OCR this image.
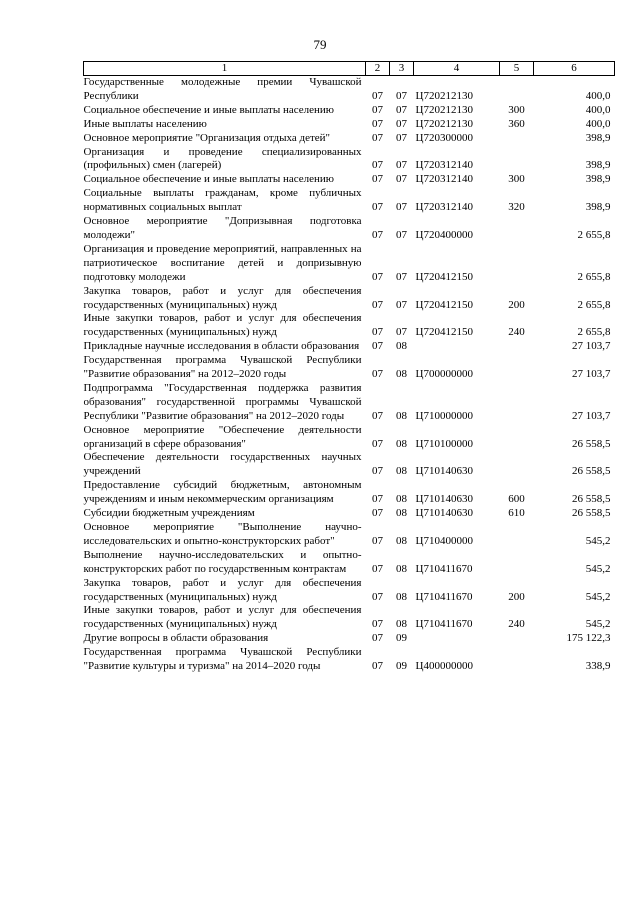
79
1	2	3	4	5	6
Государственные молодежные премии Чувашской Республики	07	07	Ц720212130		400,0
Социальное обеспечение и иные выплаты населению	07	07	Ц720212130	300	400,0
Иные выплаты населению	07	07	Ц720212130	360	400,0
Основное мероприятие "Организация отдыха детей"	07	07	Ц720300000		398,9
Организация и проведение специализированных (профильных) смен (лагерей)	07	07	Ц720312140		398,9
Социальное обеспечение и иные выплаты населению	07	07	Ц720312140	300	398,9
Социальные выплаты гражданам, кроме публичных нормативных социальных выплат	07	07	Ц720312140	320	398,9
Основное мероприятие "Допризывная подготовка молодежи"	07	07	Ц720400000		2 655,8
Организация и проведение мероприятий, направленных на патриотическое воспитание детей и допризывную подготовку молодежи	07	07	Ц720412150		2 655,8
Закупка товаров, работ и услуг для обеспечения государственных (муниципальных) нужд	07	07	Ц720412150	200	2 655,8
Иные закупки товаров, работ и услуг для обеспечения государственных (муниципальных) нужд	07	07	Ц720412150	240	2 655,8
Прикладные научные исследования в области образования	07	08			27 103,7
Государственная программа Чувашской Республики "Развитие образования" на 2012–2020 годы	07	08	Ц700000000		27 103,7
Подпрограмма "Государственная поддержка развития образования" государственной программы Чувашской Республики "Развитие образования" на 2012–2020 годы	07	08	Ц710000000		27 103,7
Основное мероприятие "Обеспечение деятельности организаций в сфере образования"	07	08	Ц710100000		26 558,5
Обеспечение деятельности государственных научных учреждений	07	08	Ц710140630		26 558,5
Предоставление субсидий бюджетным, автономным учреждениям и иным некоммерческим организациям	07	08	Ц710140630	600	26 558,5
Субсидии бюджетным учреждениям	07	08	Ц710140630	610	26 558,5
Основное мероприятие "Выполнение научно-исследовательских и опытно-конструкторских работ"	07	08	Ц710400000		545,2
Выполнение научно-исследовательских и опытно-конструкторских работ по государственным контрактам	07	08	Ц710411670		545,2
Закупка товаров, работ и услуг для обеспечения государственных (муниципальных) нужд	07	08	Ц710411670	200	545,2
Иные закупки товаров, работ и услуг для обеспечения государственных (муниципальных) нужд	07	08	Ц710411670	240	545,2
Другие вопросы в области образования	07	09			175 122,3
Государственная программа Чувашской Республики "Развитие культуры и туризма" на 2014–2020 годы	07	09	Ц400000000		338,9
